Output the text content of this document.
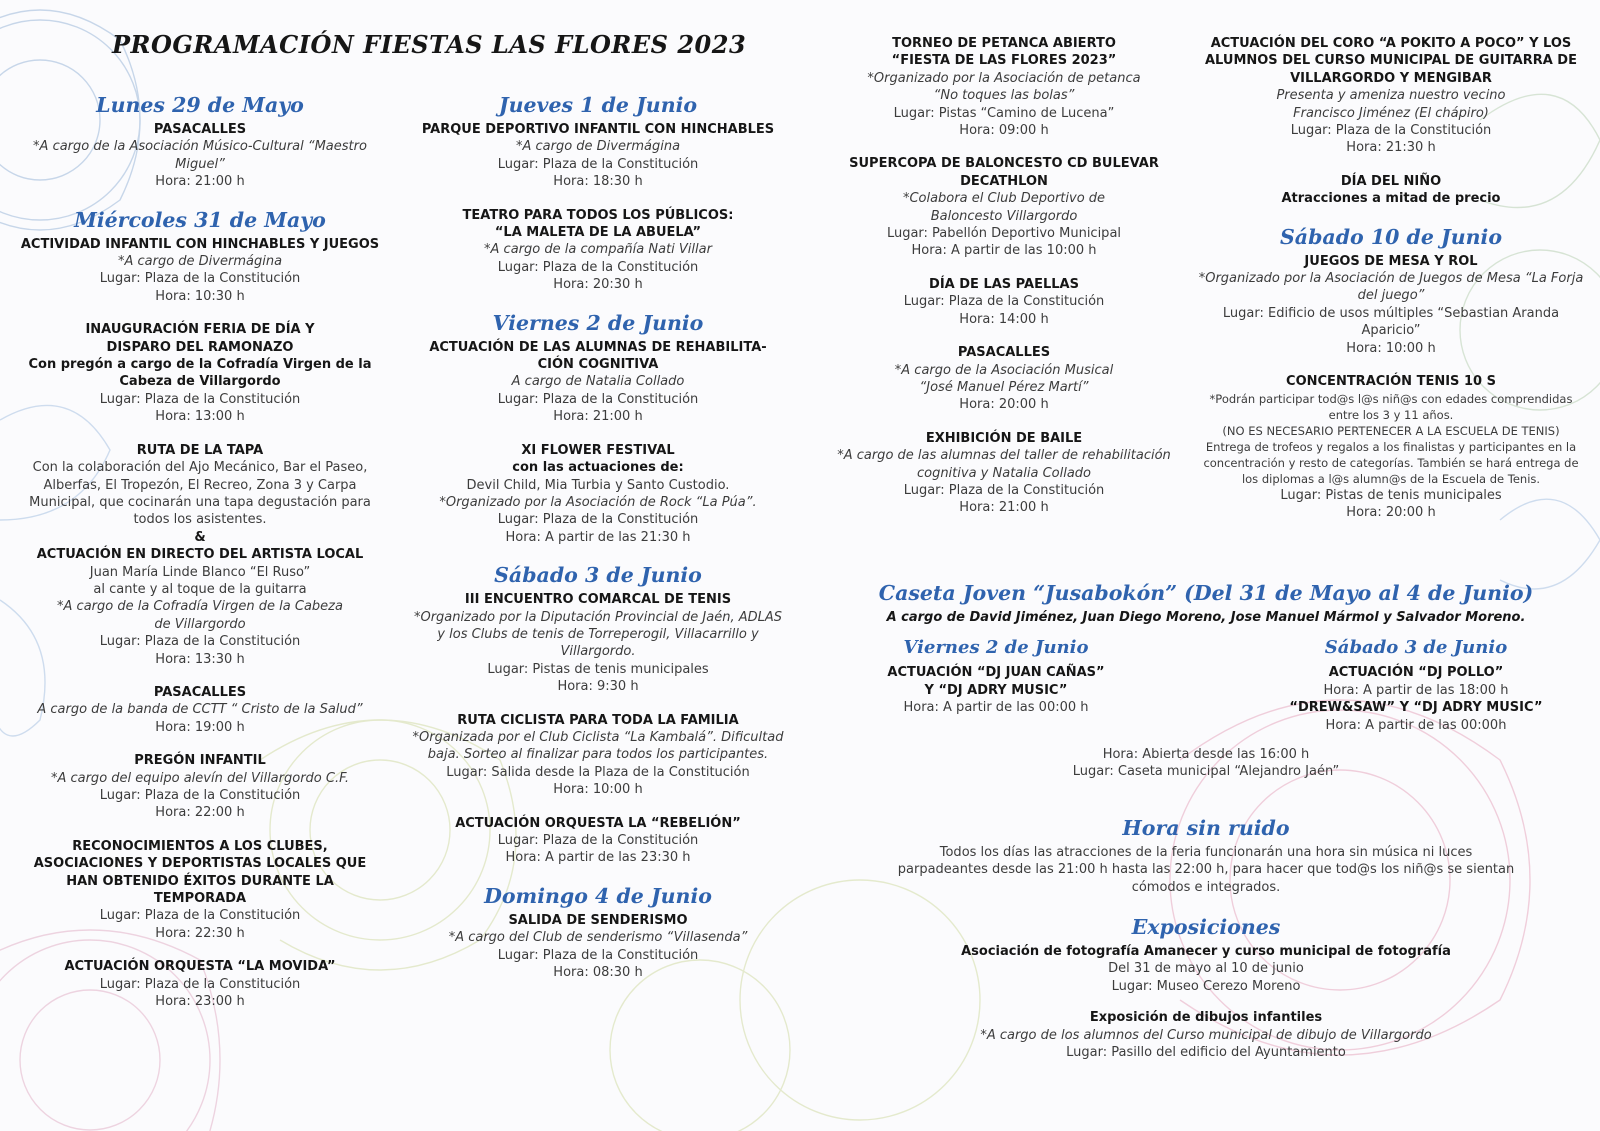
PROGRAMACIÓN FIESTAS LAS FLORES 2023
Lunes 29 de Mayo
PASACALLES
*A cargo de la Asociación Músico-Cultural “Maestro Miguel”
Hora: 21:00 h
Miércoles 31 de Mayo
ACTIVIDAD INFANTIL CON HINCHABLES Y JUEGOS
*A cargo de Divermágina
Lugar: Plaza de la Constitución
Hora: 10:30 h
INAUGURACIÓN FERIA DE DÍA Y
DISPARO DEL RAMONAZO
Con pregón a cargo de la Cofradía Virgen de la Cabeza de Villargordo
Lugar: Plaza de la Constitución
Hora: 13:00 h
RUTA DE LA TAPA
Con la colaboración del Ajo Mecánico, Bar el Paseo, Alberfas, El Tropezón, El Recreo, Zona 3 y Carpa Municipal, que cocinarán una tapa degustación para todos los asistentes.
&
ACTUACIÓN EN DIRECTO DEL ARTISTA LOCAL
Juan María Linde Blanco “El Ruso”
al cante y al toque de la guitarra
*A cargo de la Cofradía Virgen de la Cabeza
de Villargordo
Lugar: Plaza de la Constitución
Hora: 13:30 h
PASACALLES
A cargo de la banda de CCTT “ Cristo de la Salud”
Hora: 19:00 h
PREGÓN INFANTIL
*A cargo del equipo alevín del Villargordo C.F.
Lugar: Plaza de la Constitución
Hora: 22:00 h
RECONOCIMIENTOS A LOS CLUBES, ASOCIACIONES Y DEPORTISTAS LOCALES QUE HAN OBTENIDO ÉXITOS DURANTE LA TEMPORADA
Lugar: Plaza de la Constitución
Hora: 22:30 h
ACTUACIÓN ORQUESTA “LA MOVIDA”
Lugar: Plaza de la Constitución
Hora: 23:00 h
Jueves 1 de Junio
PARQUE DEPORTIVO INFANTIL CON HINCHABLES
*A cargo de Divermágina
Lugar: Plaza de la Constitución
Hora: 18:30 h
TEATRO PARA TODOS LOS PÚBLICOS:
“LA MALETA DE LA ABUELA”
*A cargo de la compañía Nati Villar
Lugar: Plaza de la Constitución
Hora: 20:30 h
Viernes 2 de Junio
ACTUACIÓN DE LAS ALUMNAS DE REHABILITA-CIÓN COGNITIVA
A cargo de Natalia Collado
Lugar: Plaza de la Constitución
Hora: 21:00 h
XI FLOWER FESTIVAL
con las actuaciones de:
Devil Child, Mia Turbia y Santo Custodio.
*Organizado por la Asociación de Rock “La Púa”.
Lugar: Plaza de la Constitución
Hora: A partir de las 21:30 h
Sábado 3 de Junio
III ENCUENTRO COMARCAL DE TENIS
*Organizado por la Diputación Provincial de Jaén, ADLAS y los Clubs de tenis de Torreperogil, Villacarrillo y Villargordo.
Lugar: Pistas de tenis municipales
Hora: 9:30 h
RUTA CICLISTA PARA TODA LA FAMILIA
*Organizada por el Club Ciclista “La Kambalá”. Dificultad baja. Sorteo al finalizar para todos los participantes.
Lugar: Salida desde la Plaza de la Constitución
Hora: 10:00 h
ACTUACIÓN ORQUESTA LA “REBELIÓN”
Lugar: Plaza de la Constitución
Hora: A partir de las 23:30 h
Domingo 4 de Junio
SALIDA DE SENDERISMO
*A cargo del Club de senderismo “Villasenda”
Lugar: Plaza de la Constitución
Hora: 08:30 h
TORNEO DE PETANCA ABIERTO
“FIESTA DE LAS FLORES 2023”
*Organizado por la Asociación de petanca
“No toques las bolas”
Lugar: Pistas “Camino de Lucena”
Hora: 09:00 h
SUPERCOPA DE BALONCESTO CD BULEVAR DECATHLON
*Colabora el Club Deportivo de
Baloncesto Villargordo
Lugar: Pabellón Deportivo Municipal
Hora: A partir de las 10:00 h
DÍA DE LAS PAELLAS
Lugar: Plaza de la Constitución
Hora: 14:00 h
PASACALLES
*A cargo de la Asociación Musical
“José Manuel Pérez Martí”
Hora: 20:00 h
EXHIBICIÓN DE BAILE
*A cargo de las alumnas del taller de rehabilitación cognitiva y Natalia Collado
Lugar: Plaza de la Constitución
Hora: 21:00 h
ACTUACIÓN DEL CORO “A POKITO A POCO” Y LOS ALUMNOS DEL CURSO MUNICIPAL DE GUITARRA DE VILLARGORDO Y MENGIBAR
Presenta y ameniza nuestro vecino
Francisco Jiménez (El chápiro)
Lugar: Plaza de la Constitución
Hora: 21:30 h
DÍA DEL NIÑO
Atracciones a mitad de precio
Sábado 10 de Junio
JUEGOS DE MESA Y ROL
*Organizado por la Asociación de Juegos de Mesa “La Forja del juego”
Lugar: Edificio de usos múltiples “Sebastian Aranda Aparicio”
Hora: 10:00 h
CONCENTRACIÓN TENIS 10 S
*Podrán participar tod@s l@s niñ@s con edades comprendidas entre los 3 y 11 años.
(NO ES NECESARIO PERTENECER A LA ESCUELA DE TENIS)
Entrega de trofeos y regalos a los finalistas y participantes en la concentración y resto de categorías. También se hará entrega de los diplomas a l@s alumn@s de la Escuela de Tenis.
Lugar: Pistas de tenis municipales
Hora: 20:00 h
Caseta Joven “Jusabokón” (Del 31 de Mayo al 4 de Junio)
A cargo de David Jiménez, Juan Diego Moreno, Jose Manuel Mármol y Salvador Moreno.
Viernes 2 de Junio
ACTUACIÓN “DJ JUAN CAÑAS”
Y “DJ ADRY MUSIC”
Hora: A partir de las 00:00 h
Sábado 3 de Junio
ACTUACIÓN “DJ POLLO”
Hora: A partir de las 18:00 h
“DREW&SAW” Y “DJ ADRY MUSIC”
Hora: A partir de las 00:00h
Hora: Abierta desde las 16:00 h
Lugar: Caseta municipal “Alejandro Jaén”
Hora sin ruido
Todos los días las atracciones de la feria funcionarán una hora sin música ni luces parpadeantes desde las 21:00 h hasta las 22:00 h, para hacer que tod@s los niñ@s se sientan cómodos e integrados.
Exposiciones
Asociación de fotografía Amanecer y curso municipal de fotografía
Del 31 de mayo al 10 de junio
Lugar: Museo Cerezo Moreno
Exposición de dibujos infantiles
*A cargo de los alumnos del Curso municipal de dibujo de Villargordo
Lugar: Pasillo del edificio del Ayuntamiento
